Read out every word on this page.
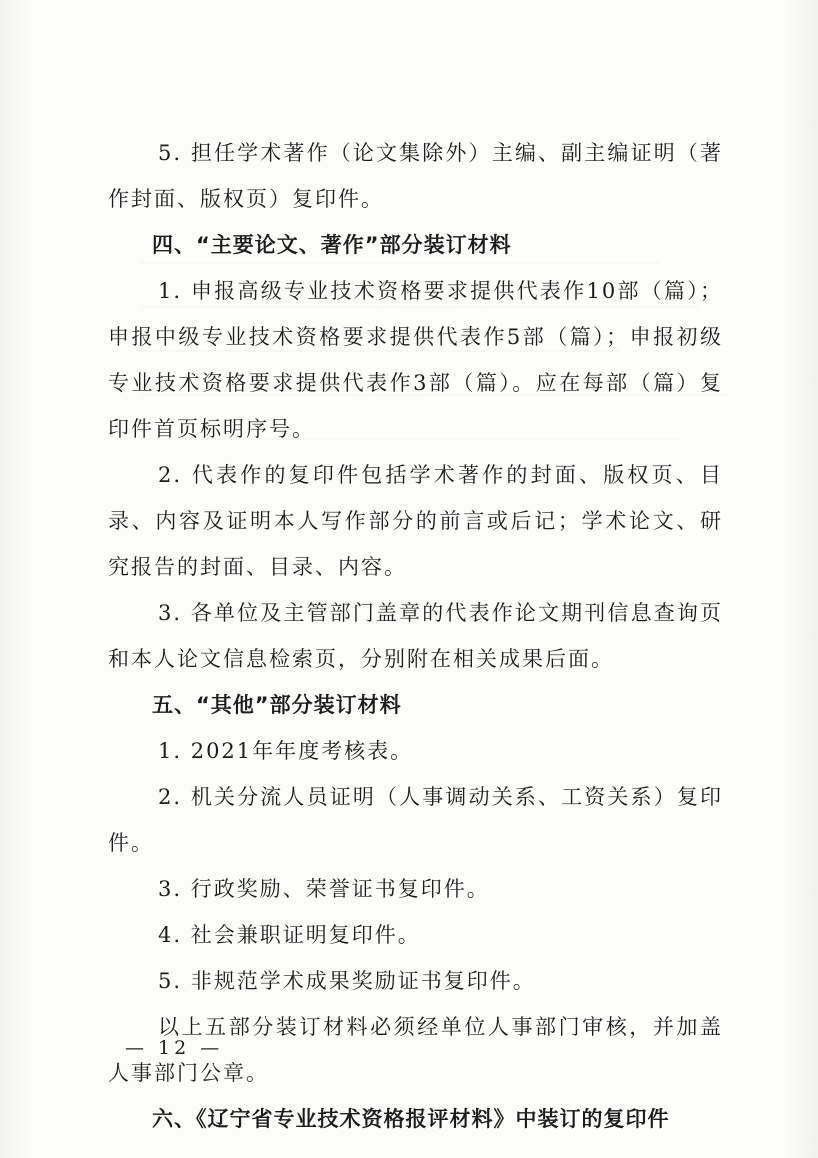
5. 担任学术著作（论文集除外）主编、副主编证明（著作封面、版权页）复印件。

四、“主要论文、著作”部分装订材料

1. 申报高级专业技术资格要求提供代表作10部（篇）；申报中级专业技术资格要求提供代表作5部（篇）；申报初级专业技术资格要求提供代表作3部（篇）。应在每部（篇）复印件首页标明序号。

2. 代表作的复印件包括学术著作的封面、版权页、目录、内容及证明本人写作部分的前言或后记；学术论文、研究报告的封面、目录、内容。

3. 各单位及主管部门盖章的代表作论文期刊信息查询页和本人论文信息检索页，分别附在相关成果后面。

五、“其他”部分装订材料

1. 2021年年度考核表。

2. 机关分流人员证明（人事调动关系、工资关系）复印件。

3. 行政奖励、荣誉证书复印件。

4. 社会兼职证明复印件。

5. 非规范学术成果奖励证书复印件。

以上五部分装订材料必须经单位人事部门审核，并加盖人事部门公章。

六、《辽宁省专业技术资格报评材料》中装订的复印件

— 12 —
